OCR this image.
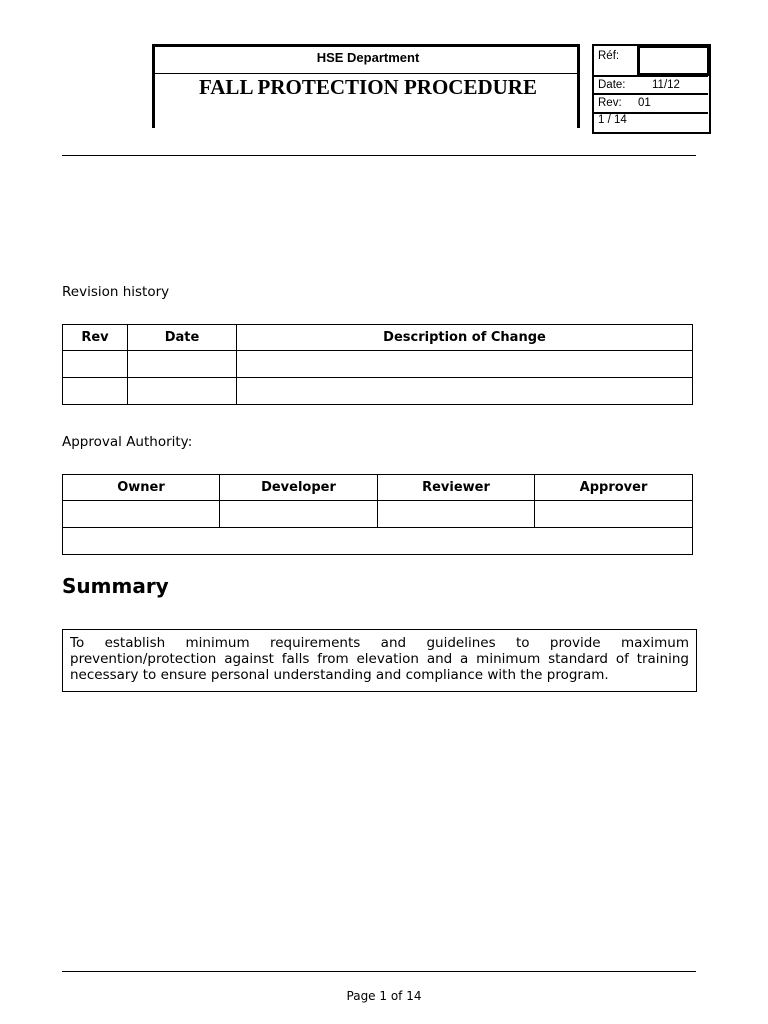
HSE Department
FALL PROTECTION PROCEDURE
Réf:
Date: 11/12
Rev: 01
1 / 14
Revision history
Rev	Date	Description of Change

Approval Authority:
Owner	Developer	Reviewer	Approver

Summary
To establish minimum requirements and guidelines to provide maximum prevention/protection against falls from elevation and a minimum standard of training necessary to ensure personal understanding and compliance with the program.
Page 1 of 14
